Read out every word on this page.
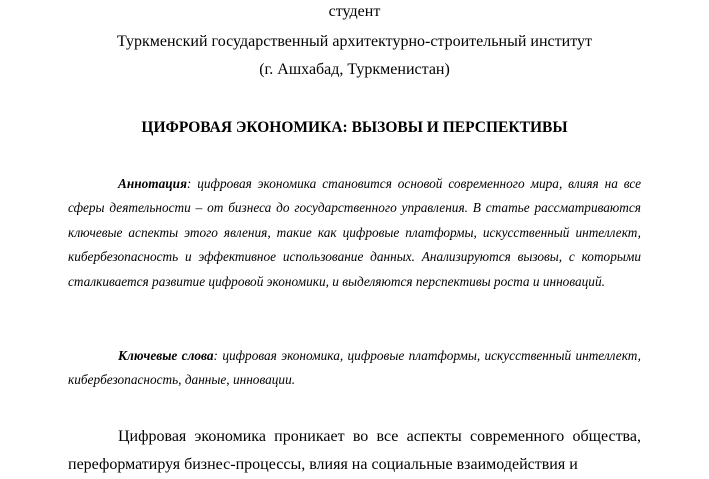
студент
Туркменский государственный архитектурно-строительный институт
(г. Ашхабад, Туркменистан)
ЦИФРОВАЯ ЭКОНОМИКА: ВЫЗОВЫ И ПЕРСПЕКТИВЫ
Аннотация: цифровая экономика становится основой современного мира, влияя на все сферы деятельности – от бизнеса до государственного управления. В статье рассматриваются ключевые аспекты этого явления, такие как цифровые платформы, искусственный интеллект, кибербезопасность и эффективное использование данных. Анализируются вызовы, с которыми сталкивается развитие цифровой экономики, и выделяются перспективы роста и инноваций.
Ключевые слова: цифровая экономика, цифровые платформы, искусственный интеллект, кибербезопасность, данные, инновации.
Цифровая экономика проникает во все аспекты современного общества, переформатируя бизнес-процессы, влияя на социальные взаимодействия и
